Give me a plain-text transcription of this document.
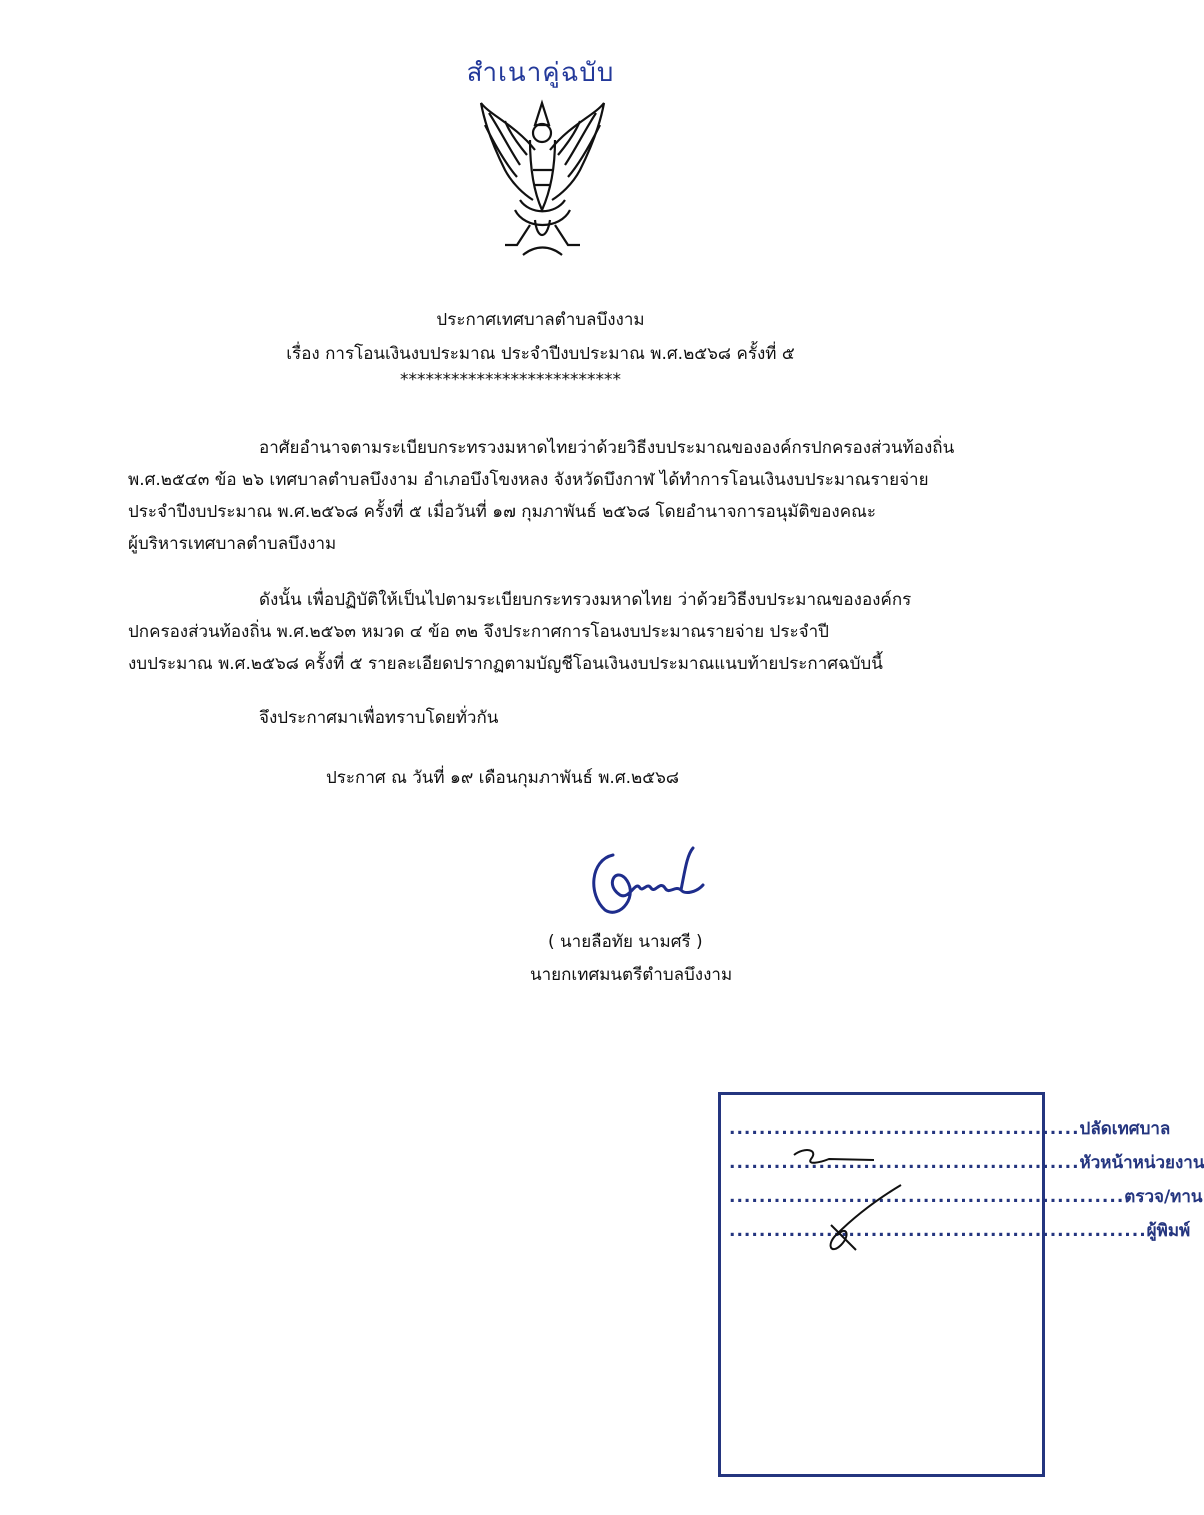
สำเนาคู่ฉบับ
ประกาศเทศบาลตำบลบึงงาม
เรื่อง การโอนเงินงบประมาณ ประจำปีงบประมาณ พ.ศ.๒๕๖๘ ครั้งที่ ๕
**************************
อาศัยอำนาจตามระเบียบกระทรวงมหาดไทยว่าด้วยวิธีงบประมาณขององค์กรปกครองส่วนท้องถิ่น
พ.ศ.๒๕๔๓ ข้อ ๒๖ เทศบาลตำบลบึงงาม อำเภอบึงโขงหลง จังหวัดบึงกาฬ ได้ทำการโอนเงินงบประมาณรายจ่าย
ประจำปีงบประมาณ พ.ศ.๒๕๖๘ ครั้งที่ ๕ เมื่อวันที่ ๑๗ กุมภาพันธ์ ๒๕๖๘ โดยอำนาจการอนุมัติของคณะ
ผู้บริหารเทศบาลตำบลบึงงาม
ดังนั้น เพื่อปฏิบัติให้เป็นไปตามระเบียบกระทรวงมหาดไทย ว่าด้วยวิธีงบประมาณขององค์กร
ปกครองส่วนท้องถิ่น พ.ศ.๒๕๖๓ หมวด ๔ ข้อ ๓๒ จึงประกาศการโอนงบประมาณรายจ่าย ประจำปี
งบประมาณ พ.ศ.๒๕๖๘ ครั้งที่ ๕ รายละเอียดปรากฏตามบัญชีโอนเงินงบประมาณแนบท้ายประกาศฉบับนี้
จึงประกาศมาเพื่อทราบโดยทั่วกัน
ประกาศ ณ วันที่ ๑๙ เดือนกุมภาพันธ์ พ.ศ.๒๕๖๘
( นายลือทัย นามศรี )
นายกเทศมนตรีตำบลบึงงาม
............................................... ปลัดเทศบาล
............................................... หัวหน้าหน่วยงาน
..................................................... ตรวจ/ทาน
........................................................ ผู้พิมพ์
